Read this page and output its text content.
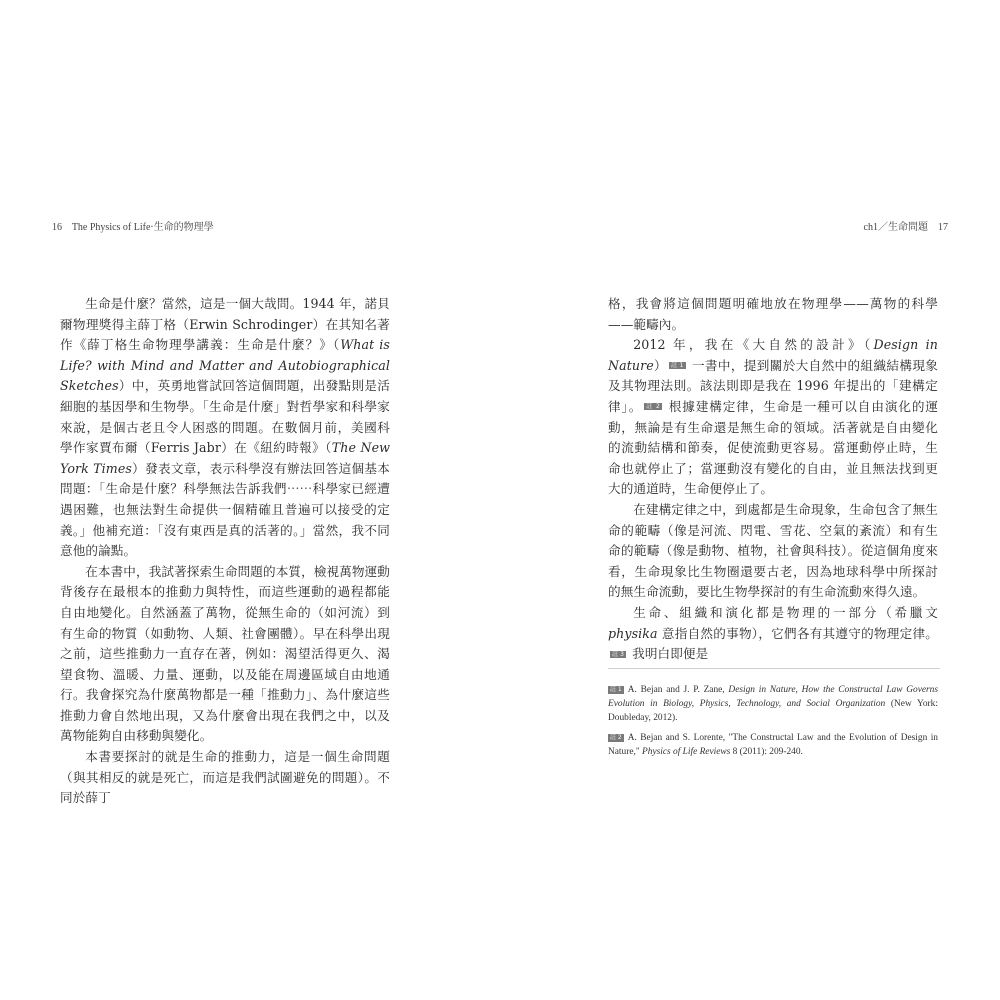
16 The Physics of Life‧生命的物理學	ch1／生命問題 17

生命是什麼？當然，這是一個大哉問。1944 年，諾貝爾物理獎得主薛丁格（Erwin Schrodinger）在其知名著作《薛丁格生命物理學講義：生命是什麼？》（What is Life? with Mind and Matter and Autobiographical Sketches）中，英勇地嘗試回答這個問題，出發點則是活細胞的基因學和生物學。「生命是什麼」對哲學家和科學家來說，是個古老且令人困惑的問題。在數個月前，美國科學作家賈布爾（Ferris Jabr）在《紐約時報》（The New York Times）發表文章，表示科學沒有辦法回答這個基本問題：「生命是什麼？科學無法告訴我們⋯⋯科學家已經遭遇困難，也無法對生命提供一個精確且普遍可以接受的定義。」他補充道：「沒有東西是真的活著的。」當然，我不同意他的論點。

在本書中，我試著探索生命問題的本質，檢視萬物運動背後存在最根本的推動力與特性，而這些運動的過程都能自由地變化。自然涵蓋了萬物，從無生命的（如河流）到有生命的物質（如動物、人類、社會團體）。早在科學出現之前，這些推動力一直存在著，例如：渴望活得更久、渴望食物、溫暖、力量、運動，以及能在周邊區域自由地通行。我會探究為什麼萬物都是一種「推動力」、為什麼這些推動力會自然地出現，又為什麼會出現在我們之中，以及萬物能夠自由移動與變化。

本書要探討的就是生命的推動力，這是一個生命問題（與其相反的就是死亡，而這是我們試圖避免的問題）。不同於薛丁

格，我會將這個問題明確地放在物理學——萬物的科學——範疇內。

2012 年，我在《大自然的設計》（Design in Nature） 註 1 一書中，提到關於大自然中的組織結構現象及其物理法則。該法則即是我在 1996 年提出的「建構定律」。 註 2 根據建構定律，生命是一種可以自由演化的運動，無論是有生命還是無生命的領域。活著就是自由變化的流動結構和節奏，促使流動更容易。當運動停止時，生命也就停止了；當運動沒有變化的自由，並且無法找到更大的通道時，生命便停止了。

在建構定律之中，到處都是生命現象，生命包含了無生命的範疇（像是河流、閃電、雪花、空氣的紊流）和有生命的範疇（像是動物、植物，社會與科技）。從這個角度來看，生命現象比生物圈還要古老，因為地球科學中所探討的無生命流動，要比生物學探討的有生命流動來得久遠。

生命、組織和演化都是物理的一部分（希臘文 physika 意指自然的事物），它們各有其遵守的物理定律。註 3 我明白即便是

註 1 A. Bejan and J. P. Zane, Design in Nature, How the Constructal Law Governs Evolution in Biology, Physics, Technology, and Social Organization (New York: Doubleday, 2012).
註 2 A. Bejan and S. Lorente, "The Constructal Law and the Evolution of Design in Nature," Physics of Life Reviews 8 (2011): 209-240.
